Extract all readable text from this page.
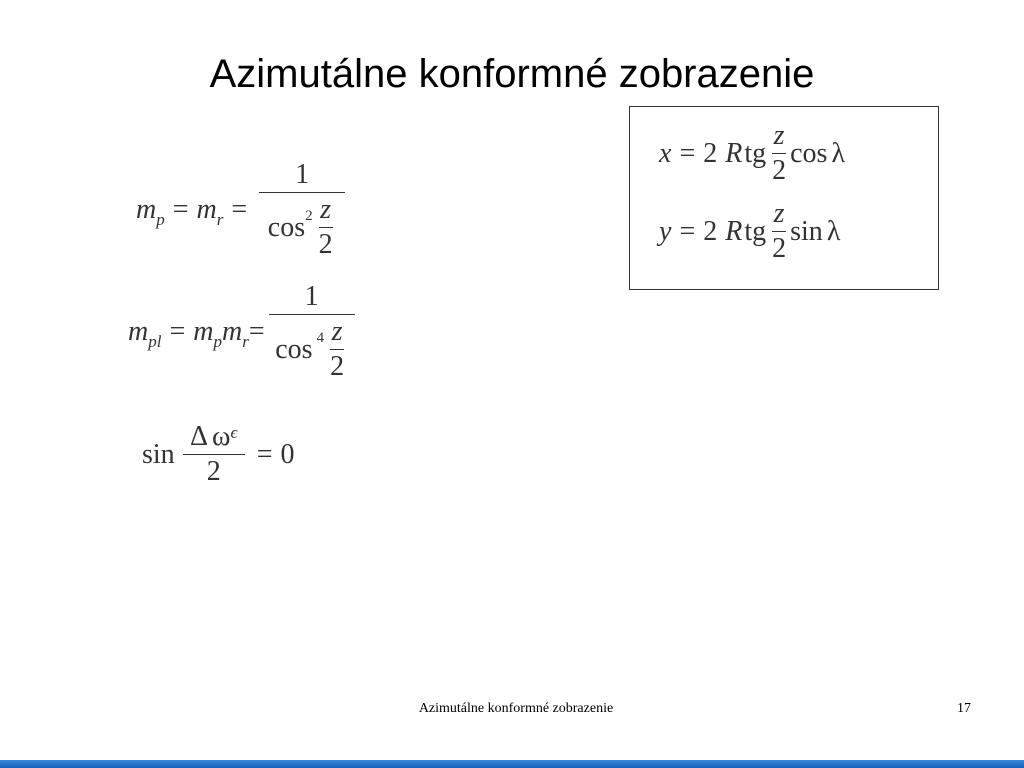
Azimutálne konformné zobrazenie
m p = m $r = \frac{1}{\cos 2 \frac{z}{2}}$
m pl = m p m $r = \frac{1}{\cos 4 \frac{z}{2}}$
$\sin \frac{\text{Δ ω ϵ}}{2} = 0$
x = 2 R tg $\frac{z}{2}$ cos λ
y = 2 R tg $\frac{z}{2}$ sin λ
Azimutálne konformné zobrazenie	17
